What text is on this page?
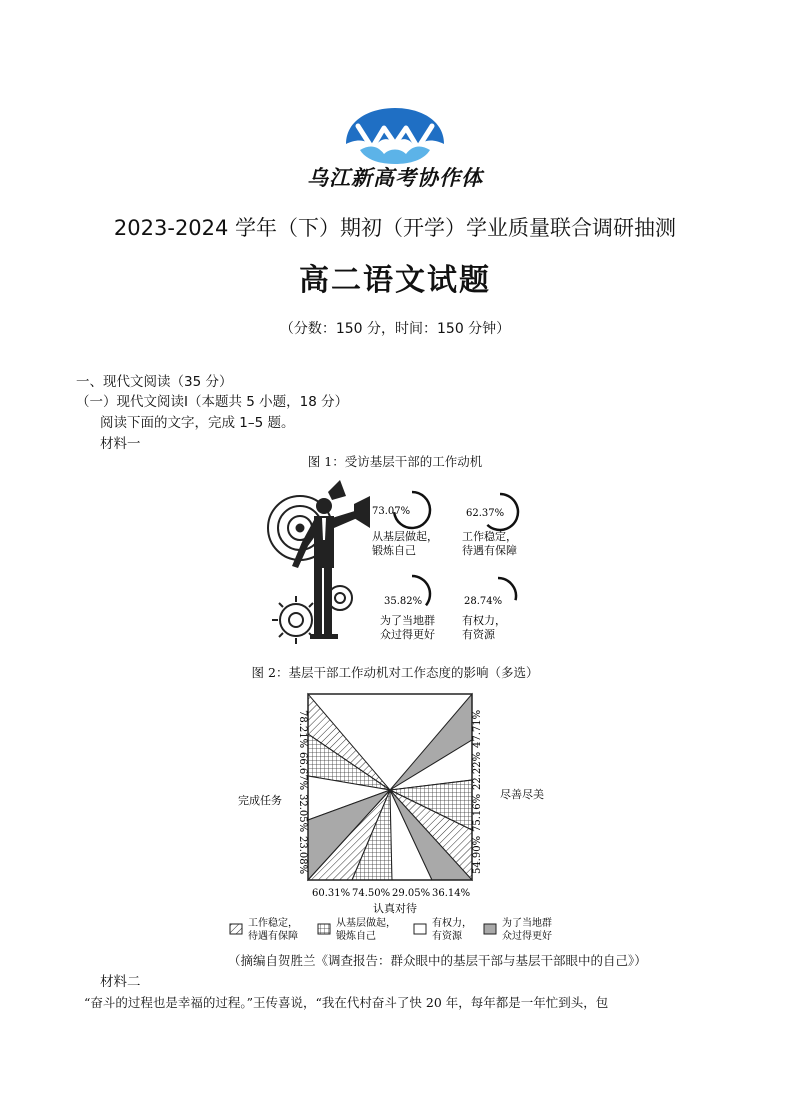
乌江新高考协作体
2023-2024 学年（下）期初（开学）学业质量联合调研抽测
高二语文试题
（分数：150 分，时间：150 分钟）
一、现代文阅读（35 分）
（一）现代文阅读Ⅰ（本题共 5 小题，18 分）
阅读下面的文字，完成 1–5 题。
材料一
图 1：受访基层干部的工作动机
73.07%
从基层做起，
锻炼自己
62.37%
工作稳定，
待遇有保障
35.82%
为了当地群
众过得更好
28.74%
有权力，
有资源
图 2：基层干部工作动机对工作态度的影响（多选）
完成任务	尽善尽美
认真对待
78.21%
66.67%
32.05%
23.08%
47.71%
22.22%
75.16%
54.90%
60.31% 74.50% 29.05% 36.14%
工作稳定，
待遇有保障
从基层做起，
锻炼自己
有权力，
有资源
为了当地群
众过得更好
（摘编自贺胜兰《调查报告：群众眼中的基层干部与基层干部眼中的自己》）
材料二
“奋斗的过程也是幸福的过程。”王传喜说，“我在代村奋斗了快 20 年，每年都是一年忙到头，包
